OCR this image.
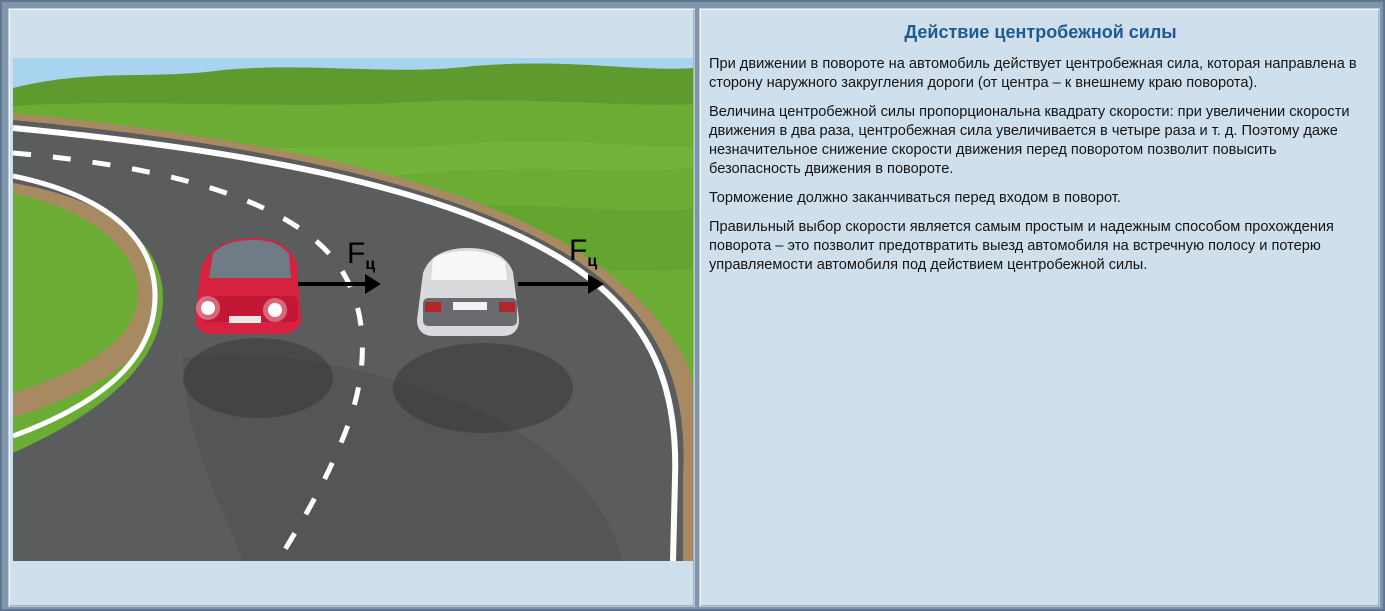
$F_ц$	$F_ц$
Действие центробежной силы

При движении в повороте на автомобиль действует центробежная сила, которая направлена в сторону наружного закругления дороги (от центра – к внешнему краю поворота).

Величина центробежной силы пропорциональна квадрату скорости: при увеличении скорости движения в два раза, центробежная сила увеличивается в четыре раза и т. д. Поэтому даже незначительное снижение скорости движения перед поворотом позволит повысить безопасность движения в повороте.

Торможение должно заканчиваться перед входом в поворот.

Правильный выбор скорости является самым простым и надежным способом прохождения поворота – это позволит предотвратить выезд автомобиля на встречную полосу и потерю управляемости автомобиля под действием центробежной силы.
